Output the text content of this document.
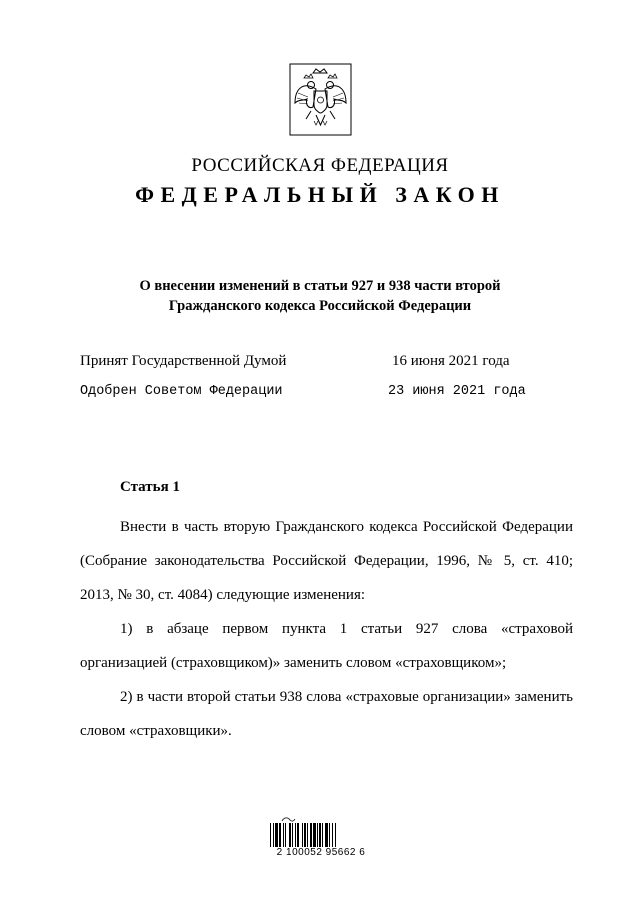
РОССИЙСКАЯ ФЕДЕРАЦИЯ
ФЕДЕРАЛЬНЫЙ ЗАКОН
О внесении изменений в статьи 927 и 938 части второй
Гражданского кодекса Российской Федерации
Принят Государственной Думой	16 июня 2021 года
Одобрен Советом Федерации	23 июня 2021 года
Статья 1
Внести в часть вторую Гражданского кодекса Российской Федерации (Собрание законодательства Российской Федерации, 1996, № 5, ст. 410; 2013, № 30, ст. 4084) следующие изменения:
1) в абзаце первом пункта 1 статьи 927 слова «страховой организацией (страховщиком)» заменить словом «страховщиком»;
2) в части второй статьи 938 слова «страховые организации» заменить словом «страховщики».
2 100052 95662 6
